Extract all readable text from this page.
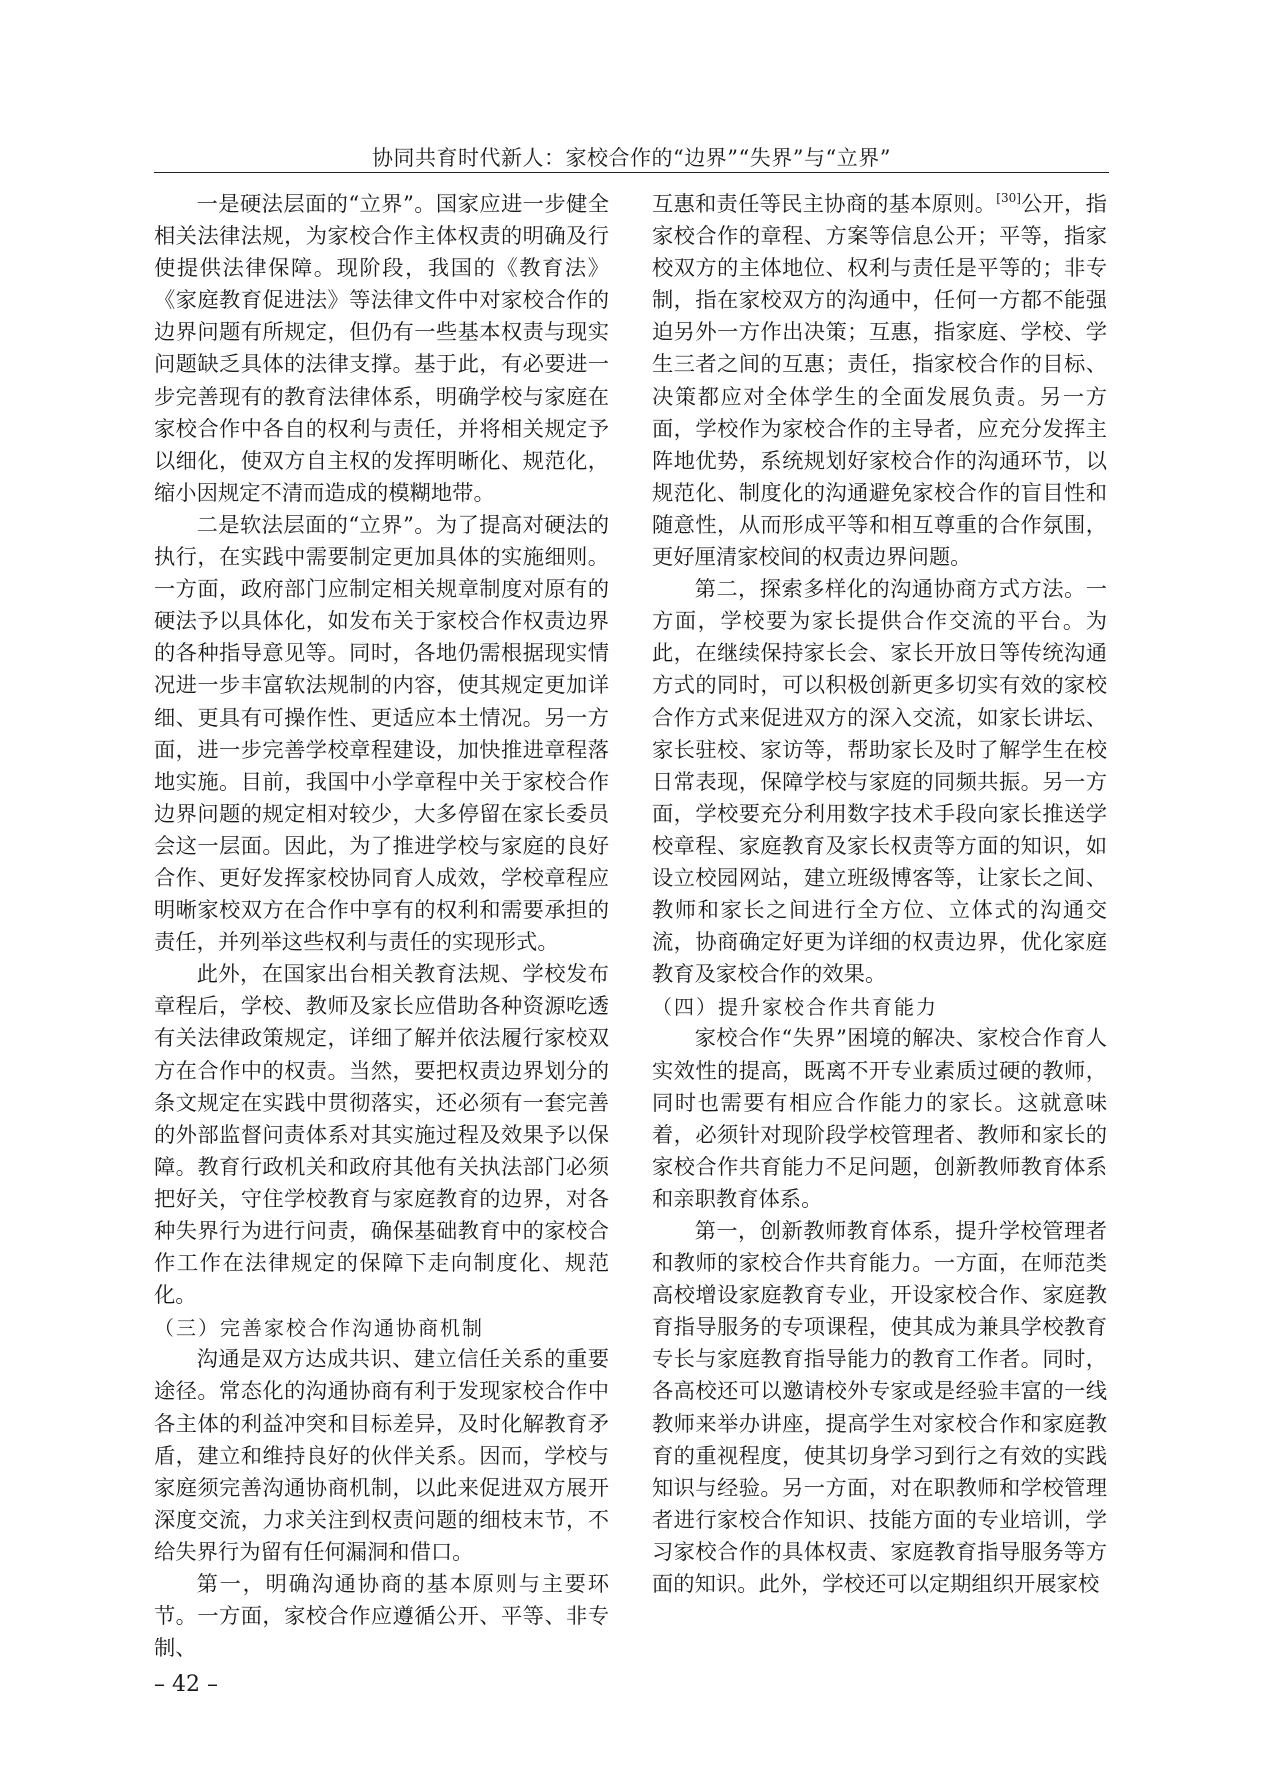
协同共育时代新人：家校合作的“边界”“失界”与“立界”

一是硬法层面的“立界”。国家应进一步健全相关法律法规，为家校合作主体权责的明确及行使提供法律保障。现阶段，我国的《教育法》《家庭教育促进法》等法律文件中对家校合作的边界问题有所规定，但仍有一些基本权责与现实问题缺乏具体的法律支撑。基于此，有必要进一步完善现有的教育法律体系，明确学校与家庭在家校合作中各自的权利与责任，并将相关规定予以细化，使双方自主权的发挥明晰化、规范化，缩小因规定不清而造成的模糊地带。

二是软法层面的“立界”。为了提高对硬法的执行，在实践中需要制定更加具体的实施细则。一方面，政府部门应制定相关规章制度对原有的硬法予以具体化，如发布关于家校合作权责边界的各种指导意见等。同时，各地仍需根据现实情况进一步丰富软法规制的内容，使其规定更加详细、更具有可操作性、更适应本土情况。另一方面，进一步完善学校章程建设，加快推进章程落地实施。目前，我国中小学章程中关于家校合作边界问题的规定相对较少，大多停留在家长委员会这一层面。因此，为了推进学校与家庭的良好合作、更好发挥家校协同育人成效，学校章程应明晰家校双方在合作中享有的权利和需要承担的责任，并列举这些权利与责任的实现形式。

此外，在国家出台相关教育法规、学校发布章程后，学校、教师及家长应借助各种资源吃透有关法律政策规定，详细了解并依法履行家校双方在合作中的权责。当然，要把权责边界划分的条文规定在实践中贯彻落实，还必须有一套完善的外部监督问责体系对其实施过程及效果予以保障。教育行政机关和政府其他有关执法部门必须把好关，守住学校教育与家庭教育的边界，对各种失界行为进行问责，确保基础教育中的家校合作工作在法律规定的保障下走向制度化、规范化。

（三）完善家校合作沟通协商机制

沟通是双方达成共识、建立信任关系的重要途径。常态化的沟通协商有利于发现家校合作中各主体的利益冲突和目标差异，及时化解教育矛盾，建立和维持良好的伙伴关系。因而，学校与家庭须完善沟通协商机制，以此来促进双方展开深度交流，力求关注到权责问题的细枝末节，不给失界行为留有任何漏洞和借口。

第一，明确沟通协商的基本原则与主要环节。一方面，家校合作应遵循公开、平等、非专制、

互惠和责任等民主协商的基本原则。[30]公开，指家校合作的章程、方案等信息公开；平等，指家校双方的主体地位、权利与责任是平等的；非专制，指在家校双方的沟通中，任何一方都不能强迫另外一方作出决策；互惠，指家庭、学校、学生三者之间的互惠；责任，指家校合作的目标、决策都应对全体学生的全面发展负责。另一方面，学校作为家校合作的主导者，应充分发挥主阵地优势，系统规划好家校合作的沟通环节，以规范化、制度化的沟通避免家校合作的盲目性和随意性，从而形成平等和相互尊重的合作氛围，更好厘清家校间的权责边界问题。

第二，探索多样化的沟通协商方式方法。一方面，学校要为家长提供合作交流的平台。为此，在继续保持家长会、家长开放日等传统沟通方式的同时，可以积极创新更多切实有效的家校合作方式来促进双方的深入交流，如家长讲坛、家长驻校、家访等，帮助家长及时了解学生在校日常表现，保障学校与家庭的同频共振。另一方面，学校要充分利用数字技术手段向家长推送学校章程、家庭教育及家长权责等方面的知识，如设立校园网站，建立班级博客等，让家长之间、教师和家长之间进行全方位、立体式的沟通交流，协商确定好更为详细的权责边界，优化家庭教育及家校合作的效果。

（四）提升家校合作共育能力

家校合作“失界”困境的解决、家校合作育人实效性的提高，既离不开专业素质过硬的教师，同时也需要有相应合作能力的家长。这就意味着，必须针对现阶段学校管理者、教师和家长的家校合作共育能力不足问题，创新教师教育体系和亲职教育体系。

第一，创新教师教育体系，提升学校管理者和教师的家校合作共育能力。一方面，在师范类高校增设家庭教育专业，开设家校合作、家庭教育指导服务的专项课程，使其成为兼具学校教育专长与家庭教育指导能力的教育工作者。同时，各高校还可以邀请校外专家或是经验丰富的一线教师来举办讲座，提高学生对家校合作和家庭教育的重视程度，使其切身学习到行之有效的实践知识与经验。另一方面，对在职教师和学校管理者进行家校合作知识、技能方面的专业培训，学习家校合作的具体权责、家庭教育指导服务等方面的知识。此外，学校还可以定期组织开展家校

– 42 –
